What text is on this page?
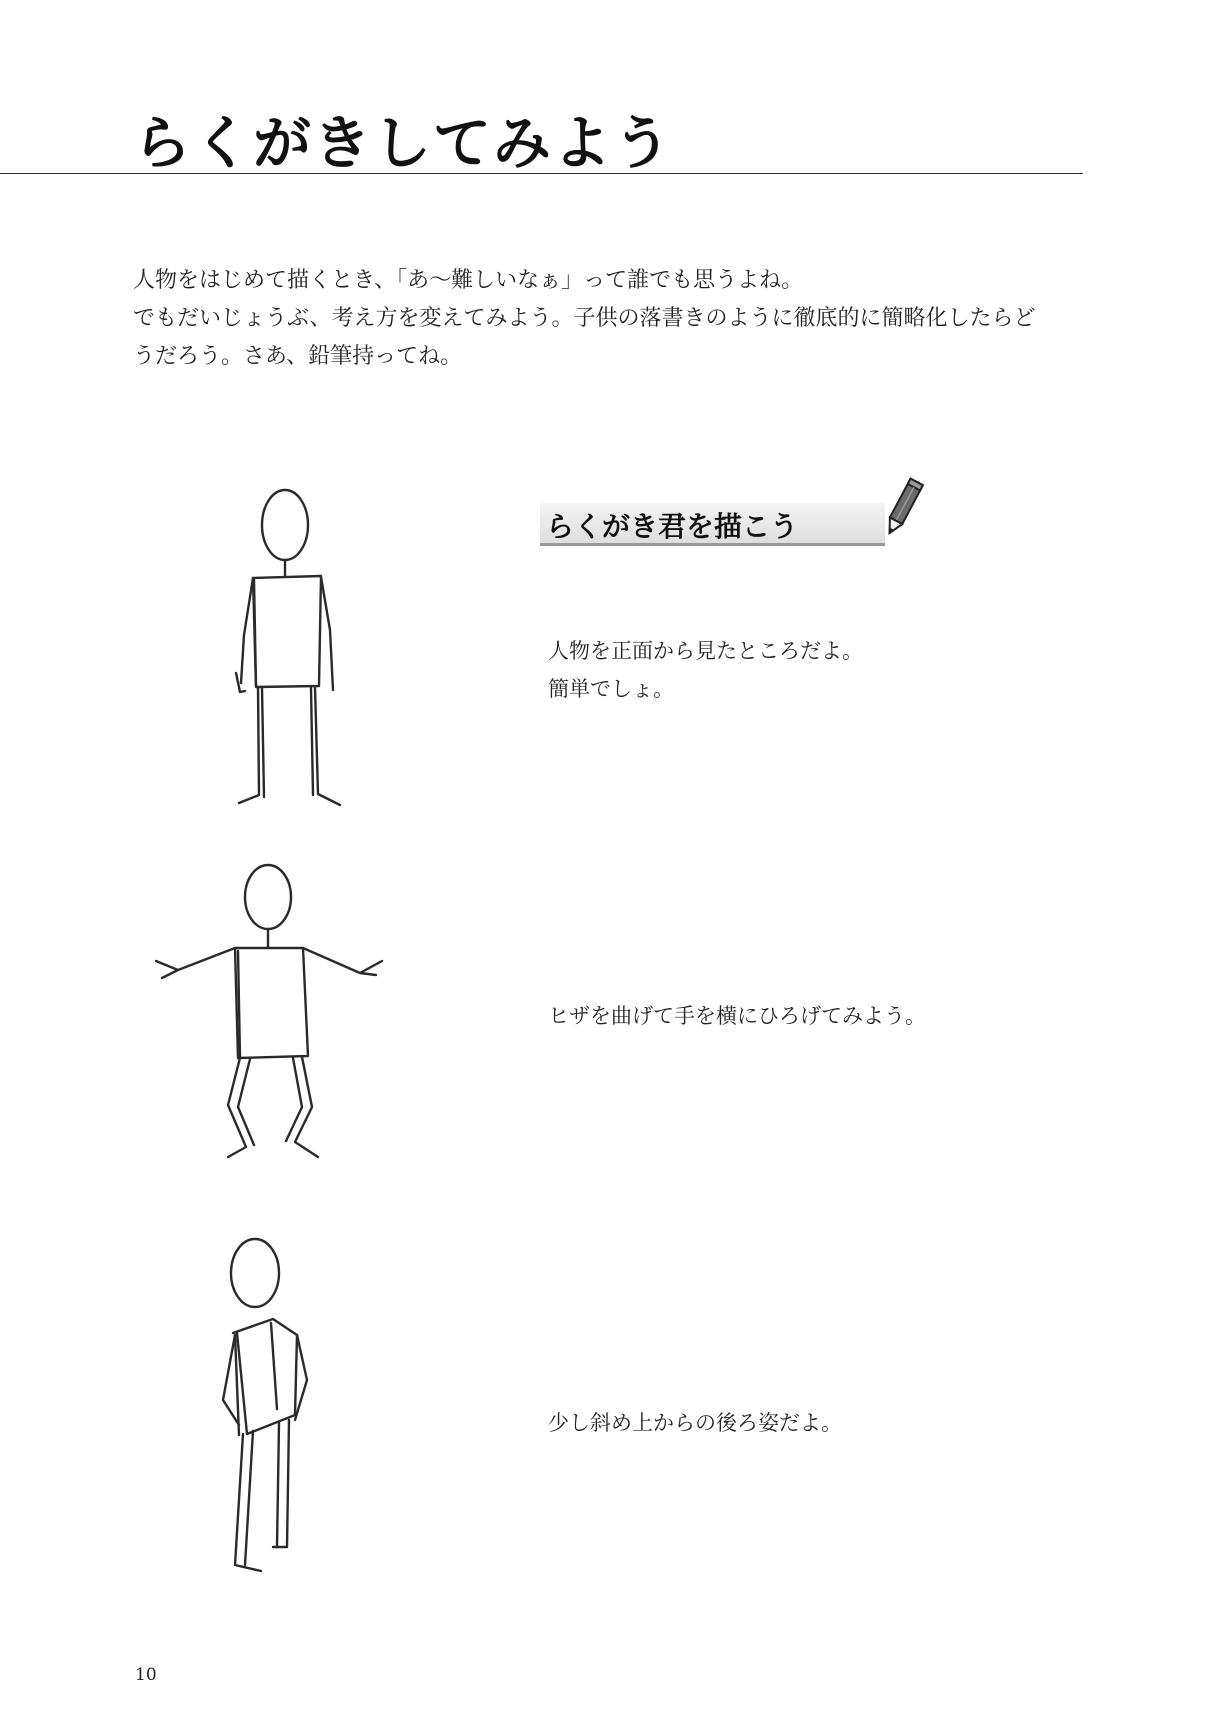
らくがきしてみよう

人物をはじめて描くとき、「あ〜難しいなぁ」って誰でも思うよね。

でもだいじょうぶ、考え方を変えてみよう。子供の落書きのように徹底的に簡略化したらど

うだろう。さあ、鉛筆持ってね。

らくがき君を描こう

人物を正面から見たところだよ。

簡単でしょ。

ヒザを曲げて手を横にひろげてみよう。

少し斜め上からの後ろ姿だよ。

10
